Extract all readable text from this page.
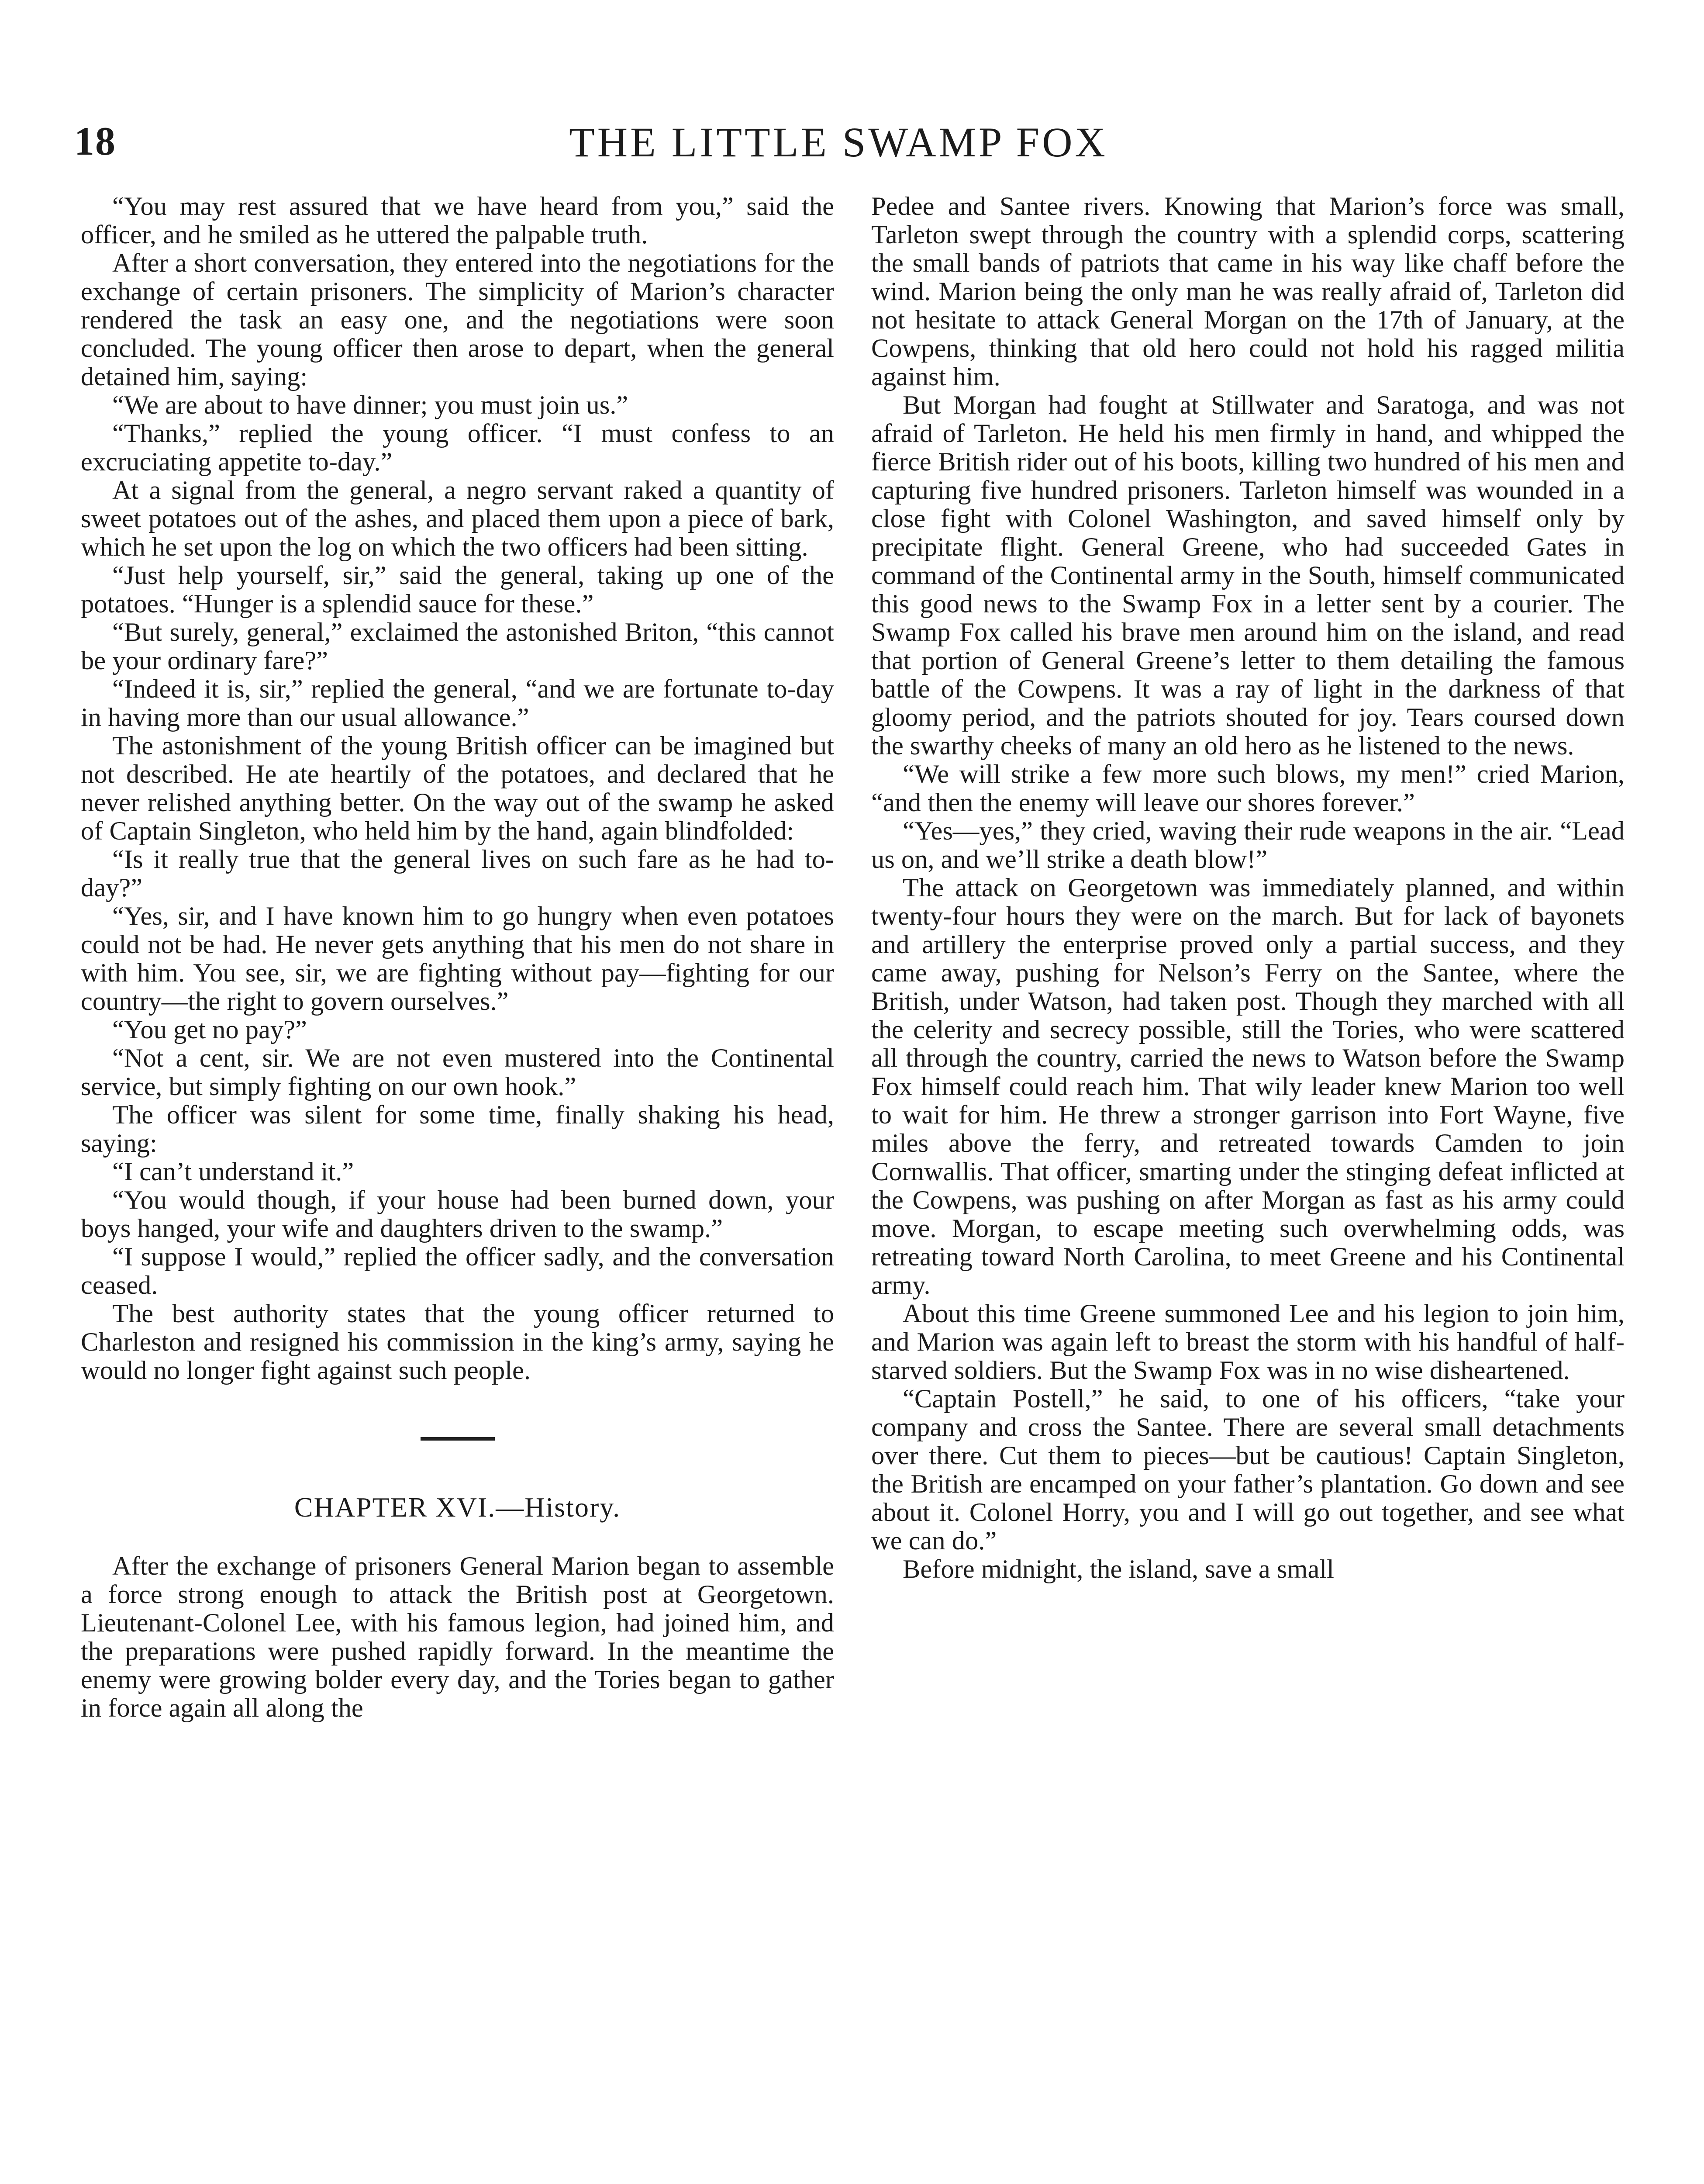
18	THE LITTLE SWAMP FOX

“You may rest assured that we have heard from you,” said the officer, and he smiled as he uttered the palpable truth.

After a short conversation, they entered into the negotiations for the exchange of certain prisoners. The simplicity of Marion’s character rendered the task an easy one, and the negotiations were soon concluded. The young officer then arose to depart, when the general detained him, saying:

“We are about to have dinner; you must join us.”

“Thanks,” replied the young officer. “I must confess to an excruciating appetite to-day.”

At a signal from the general, a negro servant raked a quantity of sweet potatoes out of the ashes, and placed them upon a piece of bark, which he set upon the log on which the two officers had been sitting.

“Just help yourself, sir,” said the general, taking up one of the potatoes. “Hunger is a splendid sauce for these.”

“But surely, general,” exclaimed the astonished Briton, “this cannot be your ordinary fare?”

“Indeed it is, sir,” replied the general, “and we are fortunate to-day in having more than our usual allowance.”

The astonishment of the young British officer can be imagined but not described. He ate heartily of the potatoes, and declared that he never relished anything better. On the way out of the swamp he asked of Captain Singleton, who held him by the hand, again blindfolded:

“Is it really true that the general lives on such fare as he had to-day?”

“Yes, sir, and I have known him to go hungry when even potatoes could not be had. He never gets anything that his men do not share in with him. You see, sir, we are fighting without pay—fighting for our country—the right to govern ourselves.”

“You get no pay?”

“Not a cent, sir. We are not even mustered into the Continental service, but simply fighting on our own hook.”

The officer was silent for some time, finally shaking his head, saying:

“I can’t understand it.”

“You would though, if your house had been burned down, your boys hanged, your wife and daughters driven to the swamp.”

“I suppose I would,” replied the officer sadly, and the conversation ceased.

The best authority states that the young officer returned to Charleston and resigned his commission in the king’s army, saying he would no longer fight against such people.

CHAPTER XVI.—History.

After the exchange of prisoners General Marion began to assemble a force strong enough to attack the British post at Georgetown. Lieutenant-Colonel Lee, with his famous legion, had joined him, and the preparations were pushed rapidly forward. In the meantime the enemy were growing bolder every day, and the Tories began to gather in force again all along the

Pedee and Santee rivers. Knowing that Marion’s force was small, Tarleton swept through the country with a splendid corps, scattering the small bands of patriots that came in his way like chaff before the wind. Marion being the only man he was really afraid of, Tarleton did not hesitate to attack General Morgan on the 17th of January, at the Cowpens, thinking that old hero could not hold his ragged militia against him.

But Morgan had fought at Stillwater and Saratoga, and was not afraid of Tarleton. He held his men firmly in hand, and whipped the fierce British rider out of his boots, killing two hundred of his men and capturing five hundred prisoners. Tarleton himself was wounded in a close fight with Colonel Washington, and saved himself only by precipitate flight. General Greene, who had succeeded Gates in command of the Continental army in the South, himself communicated this good news to the Swamp Fox in a letter sent by a courier. The Swamp Fox called his brave men around him on the island, and read that portion of General Greene’s letter to them detailing the famous battle of the Cowpens. It was a ray of light in the darkness of that gloomy period, and the patriots shouted for joy. Tears coursed down the swarthy cheeks of many an old hero as he listened to the news.

“We will strike a few more such blows, my men!” cried Marion, “and then the enemy will leave our shores forever.”

“Yes—yes,” they cried, waving their rude weapons in the air. “Lead us on, and we’ll strike a death blow!”

The attack on Georgetown was immediately planned, and within twenty-four hours they were on the march. But for lack of bayonets and artillery the enterprise proved only a partial success, and they came away, pushing for Nelson’s Ferry on the Santee, where the British, under Watson, had taken post. Though they marched with all the celerity and secrecy possible, still the Tories, who were scattered all through the country, carried the news to Watson before the Swamp Fox himself could reach him. That wily leader knew Marion too well to wait for him. He threw a stronger garrison into Fort Wayne, five miles above the ferry, and retreated towards Camden to join Cornwallis. That officer, smarting under the stinging defeat inflicted at the Cowpens, was pushing on after Morgan as fast as his army could move. Morgan, to escape meeting such overwhelming odds, was retreating toward North Carolina, to meet Greene and his Continental army.

About this time Greene summoned Lee and his legion to join him, and Marion was again left to breast the storm with his handful of half-starved soldiers. But the Swamp Fox was in no wise disheartened.

“Captain Postell,” he said, to one of his officers, “take your company and cross the Santee. There are several small detachments over there. Cut them to pieces—but be cautious! Captain Singleton, the British are encamped on your father’s plantation. Go down and see about it. Colonel Horry, you and I will go out together, and see what we can do.”

Before midnight, the island, save a small
